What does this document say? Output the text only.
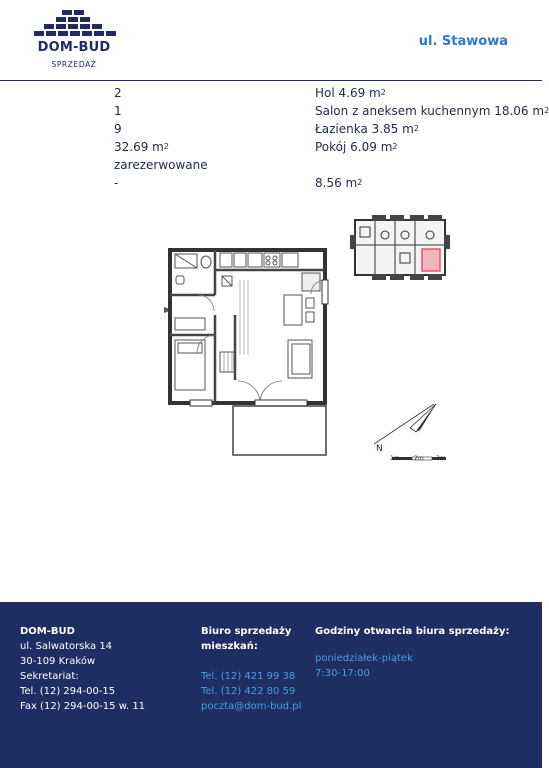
DOM-BUD
SPRZEDAŻ
ul. Stawowa
2
1
9
32.69 $m^2$
zarezerwowane
-
Hol 4.69 $m^2$
Salon z aneksem kuchennym 18.06 $m^2$
Łazienka 3.85 $m^2$
Pokój 6.09 $m^2$
8.56 $m^2$
N
1m 2m 3m
DOM-BUD
ul. Salwatorska 14
30-109 Kraków
Sekretariat:
Tel. (12) 294-00-15
Fax (12) 294-00-15 w. 11
Biuro sprzedaży
mieszkań:
Tel. (12) 421 99 38
Tel. (12) 422 80 59
poczta@dom-bud.pl
Godziny otwarcia biura sprzedaży:
poniedziałek-piątek
7:30-17:00
